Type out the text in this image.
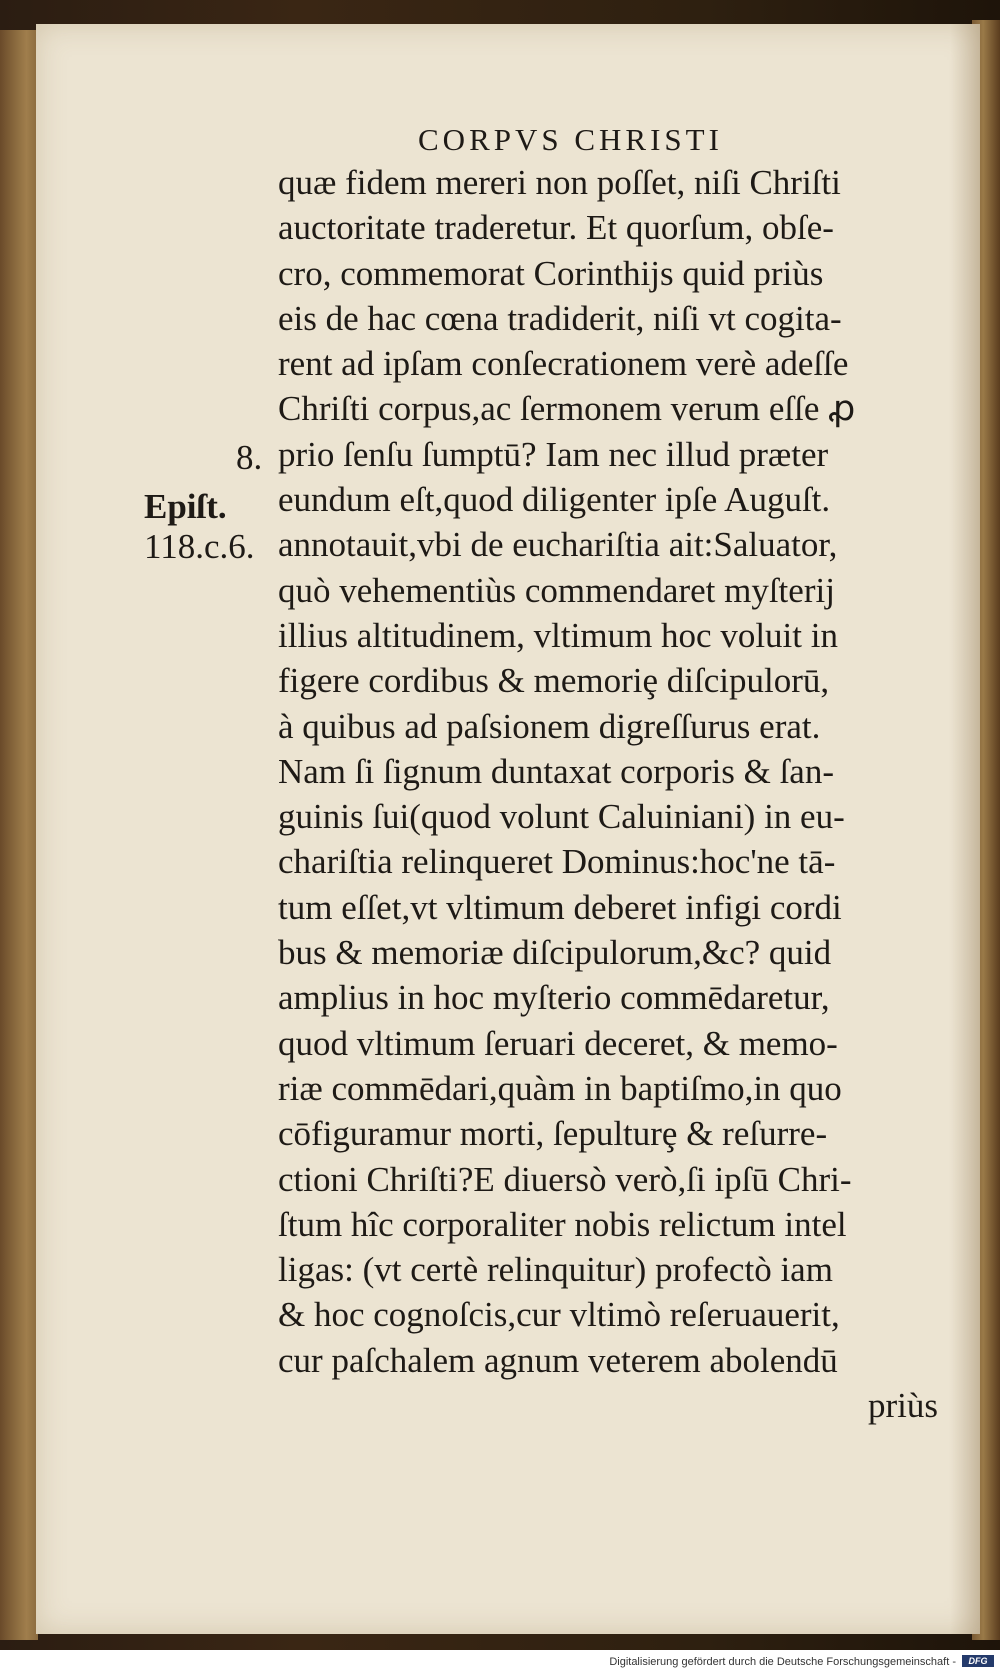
CORPVS CHRISTI
8.
Epiſt.
118.c.6.
quæ fidem mereri non poſſet, niſi Chriſti
auctoritate traderetur. Et quorſum, obſe-
cro, commemorat Corinthijs quid priùs
eis de hac cœna tradiderit, niſi vt cogita-
rent ad ipſam conſecrationem verè adeſſe
Chriſti corpus,ac ſermonem verum eſſe ꝓ
prio ſenſu ſumptū? Iam nec illud præter
eundum eſt,quod diligenter ipſe Auguſt.
annotauit,vbi de euchariſtia ait:Saluator,
quò vehementiùs commendaret myſterij
illius altitudinem, vltimum hoc voluit in
figere cordibus & memoriȩ diſcipulorū,
à quibus ad paſsionem digreſſurus erat.
Nam ſi ſignum duntaxat corporis & ſan-
guinis ſui(quod volunt Caluiniani) in eu-
chariſtia relinqueret Dominus:hoc'ne tā-
tum eſſet,vt vltimum deberet infigi cordi
bus & memoriæ diſcipulorum,&c? quid
amplius in hoc myſterio commēdaretur,
quod vltimum ſeruari deceret, & memo-
riæ commēdari,quàm in baptiſmo,in quo
cōfiguramur morti, ſepulturȩ & reſurre-
ctioni Chriſti?E diuersò verò,ſi ipſū Chri-
ſtum hîc corporaliter nobis relictum intel
ligas: (vt certè relinquitur) profectò iam
& hoc cognoſcis,cur vltimò reſeruauerit,
cur paſchalem agnum veterem abolendū
priùs
Digitalisierung gefördert durch die Deutsche Forschungsgemeinschaft -	DFG
